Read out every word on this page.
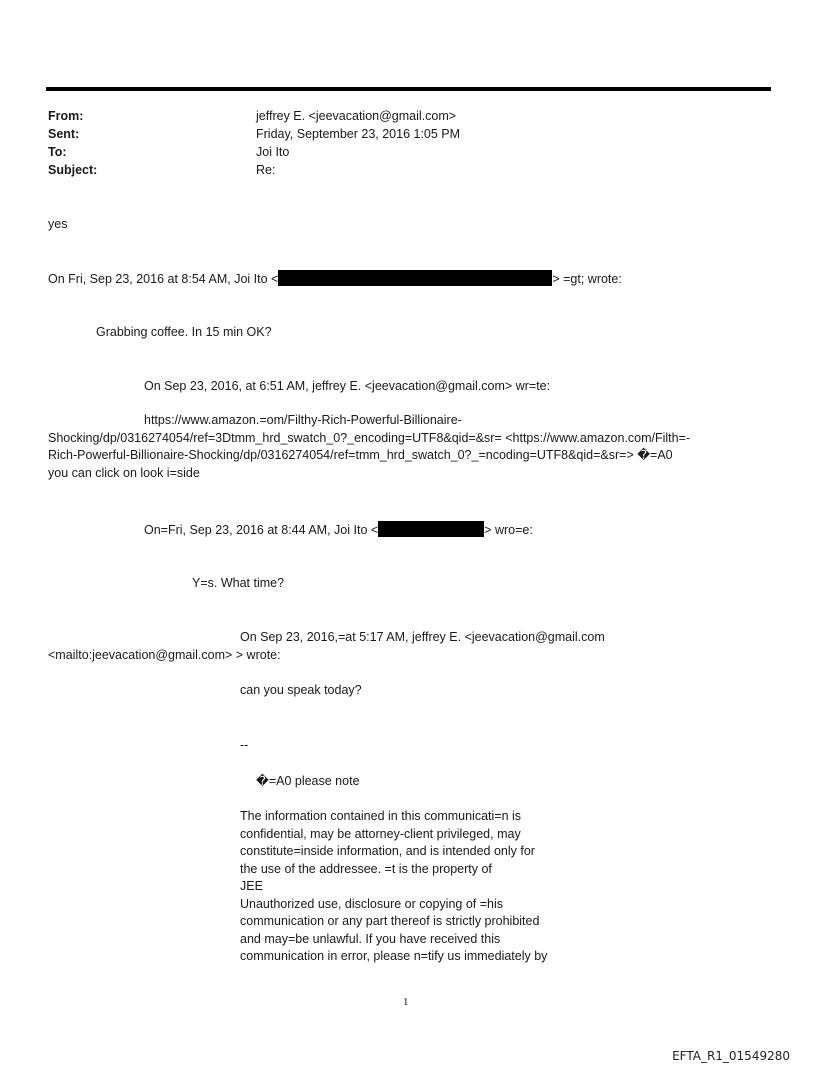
From:	jeffrey E. <jeevacation@gmail.com>
Sent:	Friday, September 23, 2016 1:05 PM
To:	Joi Ito
Subject:	Re:
yes
On Fri, Sep 23, 2016 at 8:54 AM, Joi Ito <	> =gt; wrote:
Grabbing coffee. In 15 min OK?
On Sep 23, 2016, at 6:51 AM, jeffrey E. <jeevacation@gmail.com> wr=te:
https://www.amazon.=om/Filthy-Rich-Powerful-Billionaire-
Shocking/dp/0316274054/ref=3Dtmm_hrd_swatch_0?_encoding=UTF8&qid=&sr= <https://www.amazon.com/Filth=-
Rich-Powerful-Billionaire-Shocking/dp/0316274054/ref=tmm_hrd_swatch_0?_=ncoding=UTF8&qid=&sr=> �=A0
you can click on look i=side
On=Fri, Sep 23, 2016 at 8:44 AM, Joi Ito <	> wro=e:
Y=s. What time?
On Sep 23, 2016,=at 5:17 AM, jeffrey E. <jeevacation@gmail.com
<mailto:jeevacation@gmail.com> > wrote:
can you speak today?
--
�=A0 please note
The information contained in this communicati=n is
confidential, may be attorney-client privileged, may
constitute=inside information, and is intended only for
the use of the addressee. =t is the property of
JEE
Unauthorized use, disclosure or copying of =his
communication or any part thereof is strictly prohibited
and may=be unlawful. If you have received this
communication in error, please n=tify us immediately by
1
EFTA_R1_01549280
